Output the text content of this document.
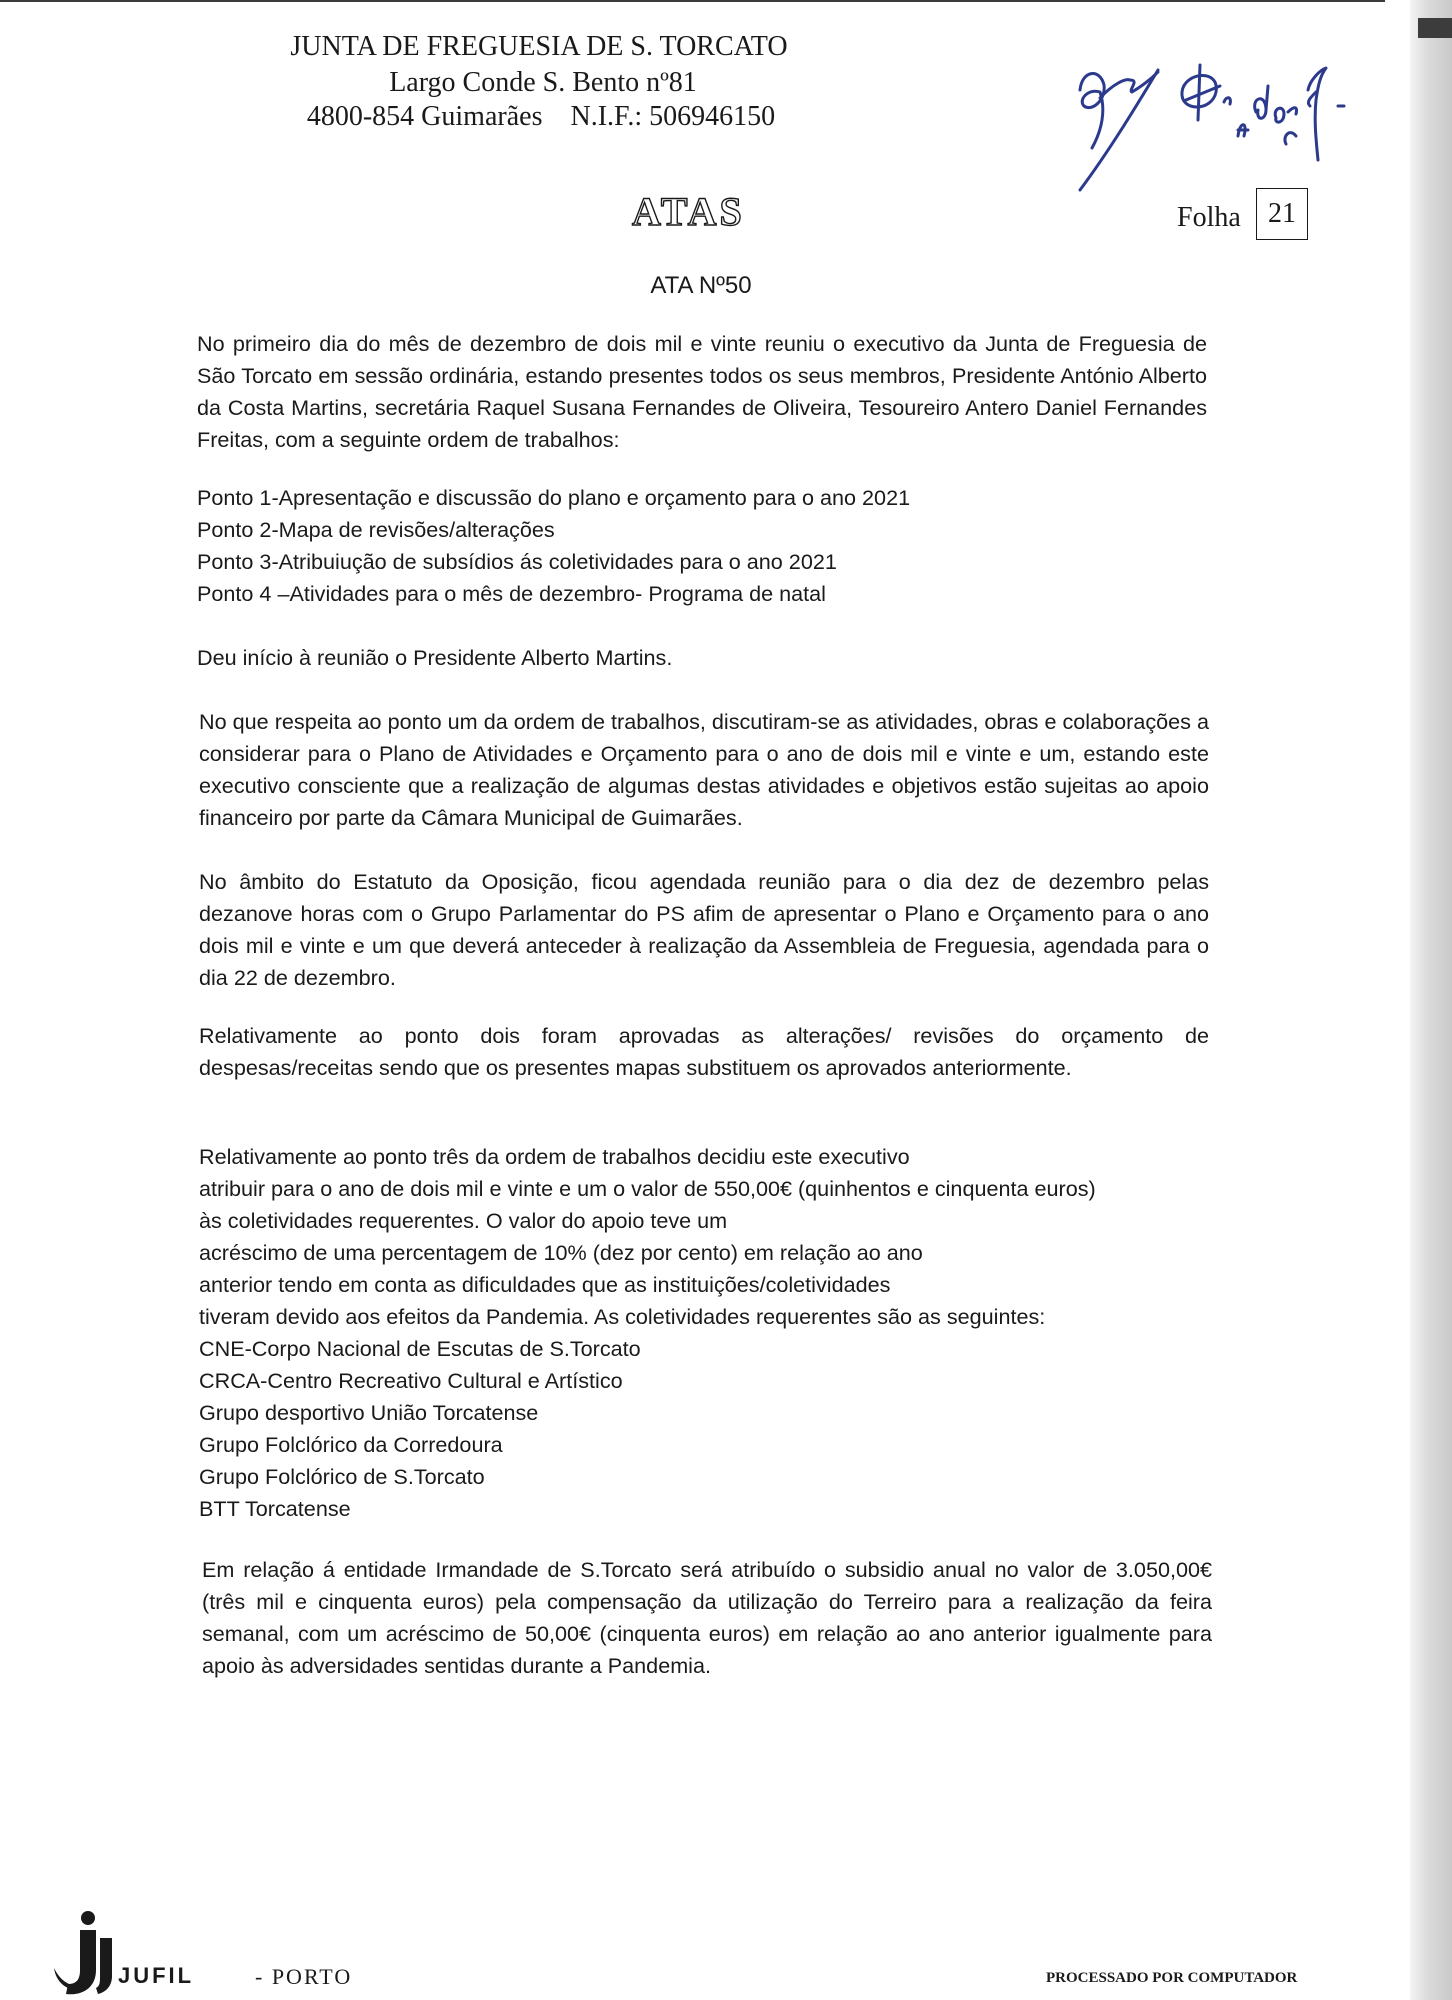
JUNTA DE FREGUESIA DE S. TORCATO
Largo Conde S. Bento nº81
4800-854 Guimarães    N.I.F.: 506946150
ATAS	Folha 21
ATA Nº50

No primeiro dia do mês de dezembro de dois mil e vinte reuniu o executivo da Junta de Freguesia de São Torcato em sessão ordinária, estando presentes todos os seus membros, Presidente António Alberto da Costa Martins, secretária Raquel Susana Fernandes de Oliveira, Tesoureiro Antero Daniel Fernandes Freitas, com a seguinte ordem de trabalhos:

Ponto 1-Apresentação e discussão do plano e orçamento para o ano 2021
Ponto 2-Mapa de revisões/alterações
Ponto 3-Atribuiução de subsídios ás coletividades para o ano 2021
Ponto 4 –Atividades para o mês de dezembro- Programa de natal

Deu início à reunião o Presidente Alberto Martins.

No que respeita ao ponto um da ordem de trabalhos, discutiram-se as atividades, obras e colaborações a considerar para o Plano de Atividades e Orçamento para o ano de dois mil e vinte e um, estando este executivo consciente que a realização de algumas destas atividades e objetivos estão sujeitas ao apoio financeiro por parte da Câmara Municipal de Guimarães.

No âmbito do Estatuto da Oposição, ficou agendada reunião para o dia dez de dezembro pelas dezanove horas com o Grupo Parlamentar do PS afim de apresentar o Plano e Orçamento para o ano dois mil e vinte e um que deverá anteceder à realização da Assembleia de Freguesia, agendada para o dia 22 de dezembro.

Relativamente ao ponto dois foram aprovadas as alterações/ revisões do orçamento de despesas/receitas sendo que os presentes mapas substituem os aprovados anteriormente.

Relativamente ao ponto três da ordem de trabalhos decidiu este executivo
atribuir para o ano de dois mil e vinte e um o valor de 550,00€ (quinhentos e cinquenta euros)
às coletividades requerentes. O valor do apoio teve um
acréscimo de uma percentagem de 10% (dez por cento) em relação ao ano
anterior tendo em conta as dificuldades que as instituições/coletividades
tiveram devido aos efeitos da Pandemia. As coletividades requerentes são as seguintes:
CNE-Corpo Nacional de Escutas de S.Torcato
CRCA-Centro Recreativo Cultural e Artístico
Grupo desportivo União Torcatense
Grupo Folclórico da Corredoura
Grupo Folclórico de S.Torcato
BTT Torcatense

Em relação á entidade Irmandade de S.Torcato será atribuído o subsidio anual no valor de 3.050,00€(três mil e cinquenta euros) pela compensação da utilização do Terreiro para a realização da feira semanal, com um acréscimo de 50,00€ (cinquenta euros) em relação ao ano anterior igualmente para apoio às adversidades sentidas durante a Pandemia.

JUFIL	- PORTO	PROCESSADO POR COMPUTADOR
